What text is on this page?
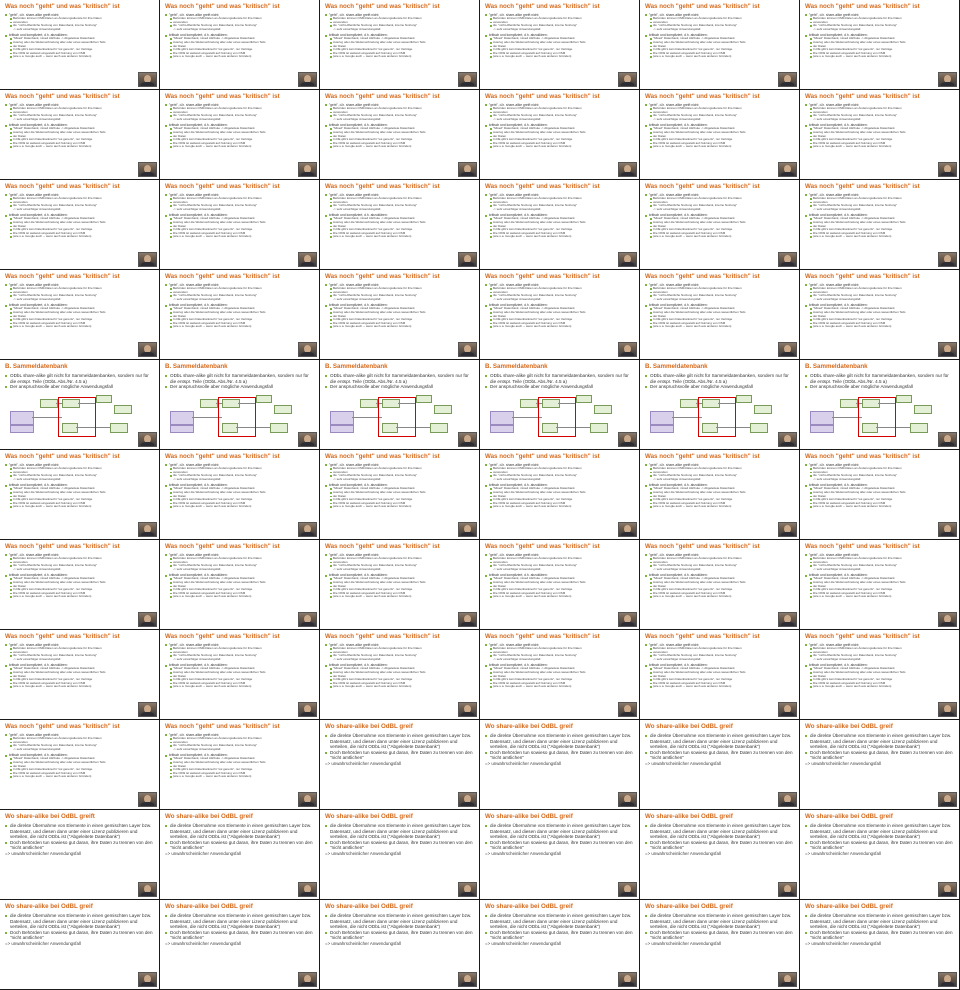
Was noch "geht" und was "kritisch" ist
"geht", d.h. share-alike greift nicht:
Behörden können OSM-Daten an Änderungsdienste für ihre Daten
verwenden
tlw. "nicht-öffentliche Nutzung von Datenbank, interne Nutzung"
-> sehr einsichtiger Anwendungsfall
kritisch und kompliziert, d.h. abzuklären:
"Mixed" Datenbank, mixed Attribute -> Abgeleitete Datenbank
Auszug oder die Weiterverbreitung aller oder eines wesentlichen Teils
der Daten
In DE gibt's kein Datenbankrecht "sui generis", nur Verträge
Die ODbl ist weltweit eingestellt auf Nutzung von OSM
(wie u.a. Google auch -- wenn auch aus anderen Gründen)
Was noch "geht" und was "kritisch" ist
"geht", d.h. share-alike greift nicht:
Behörden können OSM-Daten an Änderungsdienste für ihre Daten
verwenden
tlw. "nicht-öffentliche Nutzung von Datenbank, interne Nutzung"
-> sehr einsichtiger Anwendungsfall
kritisch und kompliziert, d.h. abzuklären:
"Mixed" Datenbank, mixed Attribute -> Abgeleitete Datenbank
Auszug oder die Weiterverbreitung aller oder eines wesentlichen Teils
der Daten
In DE gibt's kein Datenbankrecht "sui generis", nur Verträge
Die ODbl ist weltweit eingestellt auf Nutzung von OSM
(wie u.a. Google auch -- wenn auch aus anderen Gründen)
Was noch "geht" und was "kritisch" ist
"geht", d.h. share-alike greift nicht:
Behörden können OSM-Daten an Änderungsdienste für ihre Daten
verwenden
tlw. "nicht-öffentliche Nutzung von Datenbank, interne Nutzung"
-> sehr einsichtiger Anwendungsfall
kritisch und kompliziert, d.h. abzuklären:
"Mixed" Datenbank, mixed Attribute -> Abgeleitete Datenbank
Auszug oder die Weiterverbreitung aller oder eines wesentlichen Teils
der Daten
In DE gibt's kein Datenbankrecht "sui generis", nur Verträge
Die ODbl ist weltweit eingestellt auf Nutzung von OSM
(wie u.a. Google auch -- wenn auch aus anderen Gründen)
Was noch "geht" und was "kritisch" ist
"geht", d.h. share-alike greift nicht:
Behörden können OSM-Daten an Änderungsdienste für ihre Daten
verwenden
tlw. "nicht-öffentliche Nutzung von Datenbank, interne Nutzung"
-> sehr einsichtiger Anwendungsfall
kritisch und kompliziert, d.h. abzuklären:
"Mixed" Datenbank, mixed Attribute -> Abgeleitete Datenbank
Auszug oder die Weiterverbreitung aller oder eines wesentlichen Teils
der Daten
In DE gibt's kein Datenbankrecht "sui generis", nur Verträge
Die ODbl ist weltweit eingestellt auf Nutzung von OSM
(wie u.a. Google auch -- wenn auch aus anderen Gründen)
Was noch "geht" und was "kritisch" ist
"geht", d.h. share-alike greift nicht:
Behörden können OSM-Daten an Änderungsdienste für ihre Daten
verwenden
tlw. "nicht-öffentliche Nutzung von Datenbank, interne Nutzung"
-> sehr einsichtiger Anwendungsfall
kritisch und kompliziert, d.h. abzuklären:
"Mixed" Datenbank, mixed Attribute -> Abgeleitete Datenbank
Auszug oder die Weiterverbreitung aller oder eines wesentlichen Teils
der Daten
In DE gibt's kein Datenbankrecht "sui generis", nur Verträge
Die ODbl ist weltweit eingestellt auf Nutzung von OSM
(wie u.a. Google auch -- wenn auch aus anderen Gründen)
Was noch "geht" und was "kritisch" ist
"geht", d.h. share-alike greift nicht:
Behörden können OSM-Daten an Änderungsdienste für ihre Daten
verwenden
tlw. "nicht-öffentliche Nutzung von Datenbank, interne Nutzung"
-> sehr einsichtiger Anwendungsfall
kritisch und kompliziert, d.h. abzuklären:
"Mixed" Datenbank, mixed Attribute -> Abgeleitete Datenbank
Auszug oder die Weiterverbreitung aller oder eines wesentlichen Teils
der Daten
In DE gibt's kein Datenbankrecht "sui generis", nur Verträge
Die ODbl ist weltweit eingestellt auf Nutzung von OSM
(wie u.a. Google auch -- wenn auch aus anderen Gründen)
Was noch "geht" und was "kritisch" ist
"geht", d.h. share-alike greift nicht:
Behörden können OSM-Daten an Änderungsdienste für ihre Daten
verwenden
tlw. "nicht-öffentliche Nutzung von Datenbank, interne Nutzung"
-> sehr einsichtiger Anwendungsfall
kritisch und kompliziert, d.h. abzuklären:
"Mixed" Datenbank, mixed Attribute -> Abgeleitete Datenbank
Auszug oder die Weiterverbreitung aller oder eines wesentlichen Teils
der Daten
In DE gibt's kein Datenbankrecht "sui generis", nur Verträge
Die ODbl ist weltweit eingestellt auf Nutzung von OSM
(wie u.a. Google auch -- wenn auch aus anderen Gründen)
Was noch "geht" und was "kritisch" ist
"geht", d.h. share-alike greift nicht:
Behörden können OSM-Daten an Änderungsdienste für ihre Daten
verwenden
tlw. "nicht-öffentliche Nutzung von Datenbank, interne Nutzung"
-> sehr einsichtiger Anwendungsfall
kritisch und kompliziert, d.h. abzuklären:
"Mixed" Datenbank, mixed Attribute -> Abgeleitete Datenbank
Auszug oder die Weiterverbreitung aller oder eines wesentlichen Teils
der Daten
In DE gibt's kein Datenbankrecht "sui generis", nur Verträge
Die ODbl ist weltweit eingestellt auf Nutzung von OSM
(wie u.a. Google auch -- wenn auch aus anderen Gründen)
Was noch "geht" und was "kritisch" ist
"geht", d.h. share-alike greift nicht:
Behörden können OSM-Daten an Änderungsdienste für ihre Daten
verwenden
tlw. "nicht-öffentliche Nutzung von Datenbank, interne Nutzung"
-> sehr einsichtiger Anwendungsfall
kritisch und kompliziert, d.h. abzuklären:
"Mixed" Datenbank, mixed Attribute -> Abgeleitete Datenbank
Auszug oder die Weiterverbreitung aller oder eines wesentlichen Teils
der Daten
In DE gibt's kein Datenbankrecht "sui generis", nur Verträge
Die ODbl ist weltweit eingestellt auf Nutzung von OSM
(wie u.a. Google auch -- wenn auch aus anderen Gründen)
Was noch "geht" und was "kritisch" ist
"geht", d.h. share-alike greift nicht:
Behörden können OSM-Daten an Änderungsdienste für ihre Daten
verwenden
tlw. "nicht-öffentliche Nutzung von Datenbank, interne Nutzung"
-> sehr einsichtiger Anwendungsfall
kritisch und kompliziert, d.h. abzuklären:
"Mixed" Datenbank, mixed Attribute -> Abgeleitete Datenbank
Auszug oder die Weiterverbreitung aller oder eines wesentlichen Teils
der Daten
In DE gibt's kein Datenbankrecht "sui generis", nur Verträge
Die ODbl ist weltweit eingestellt auf Nutzung von OSM
(wie u.a. Google auch -- wenn auch aus anderen Gründen)
Was noch "geht" und was "kritisch" ist
"geht", d.h. share-alike greift nicht:
Behörden können OSM-Daten an Änderungsdienste für ihre Daten
verwenden
tlw. "nicht-öffentliche Nutzung von Datenbank, interne Nutzung"
-> sehr einsichtiger Anwendungsfall
kritisch und kompliziert, d.h. abzuklären:
"Mixed" Datenbank, mixed Attribute -> Abgeleitete Datenbank
Auszug oder die Weiterverbreitung aller oder eines wesentlichen Teils
der Daten
In DE gibt's kein Datenbankrecht "sui generis", nur Verträge
Die ODbl ist weltweit eingestellt auf Nutzung von OSM
(wie u.a. Google auch -- wenn auch aus anderen Gründen)
Was noch "geht" und was "kritisch" ist
"geht", d.h. share-alike greift nicht:
Behörden können OSM-Daten an Änderungsdienste für ihre Daten
verwenden
tlw. "nicht-öffentliche Nutzung von Datenbank, interne Nutzung"
-> sehr einsichtiger Anwendungsfall
kritisch und kompliziert, d.h. abzuklären:
"Mixed" Datenbank, mixed Attribute -> Abgeleitete Datenbank
Auszug oder die Weiterverbreitung aller oder eines wesentlichen Teils
der Daten
In DE gibt's kein Datenbankrecht "sui generis", nur Verträge
Die ODbl ist weltweit eingestellt auf Nutzung von OSM
(wie u.a. Google auch -- wenn auch aus anderen Gründen)
Was noch "geht" und was "kritisch" ist
"geht", d.h. share-alike greift nicht:
Behörden können OSM-Daten an Änderungsdienste für ihre Daten
verwenden
tlw. "nicht-öffentliche Nutzung von Datenbank, interne Nutzung"
-> sehr einsichtiger Anwendungsfall
kritisch und kompliziert, d.h. abzuklären:
"Mixed" Datenbank, mixed Attribute -> Abgeleitete Datenbank
Auszug oder die Weiterverbreitung aller oder eines wesentlichen Teils
der Daten
In DE gibt's kein Datenbankrecht "sui generis", nur Verträge
Die ODbl ist weltweit eingestellt auf Nutzung von OSM
(wie u.a. Google auch -- wenn auch aus anderen Gründen)
Was noch "geht" und was "kritisch" ist
"geht", d.h. share-alike greift nicht:
Behörden können OSM-Daten an Änderungsdienste für ihre Daten
verwenden
tlw. "nicht-öffentliche Nutzung von Datenbank, interne Nutzung"
-> sehr einsichtiger Anwendungsfall
kritisch und kompliziert, d.h. abzuklären:
"Mixed" Datenbank, mixed Attribute -> Abgeleitete Datenbank
Auszug oder die Weiterverbreitung aller oder eines wesentlichen Teils
der Daten
In DE gibt's kein Datenbankrecht "sui generis", nur Verträge
Die ODbl ist weltweit eingestellt auf Nutzung von OSM
(wie u.a. Google auch -- wenn auch aus anderen Gründen)
Was noch "geht" und was "kritisch" ist
"geht", d.h. share-alike greift nicht:
Behörden können OSM-Daten an Änderungsdienste für ihre Daten
verwenden
tlw. "nicht-öffentliche Nutzung von Datenbank, interne Nutzung"
-> sehr einsichtiger Anwendungsfall
kritisch und kompliziert, d.h. abzuklären:
"Mixed" Datenbank, mixed Attribute -> Abgeleitete Datenbank
Auszug oder die Weiterverbreitung aller oder eines wesentlichen Teils
der Daten
In DE gibt's kein Datenbankrecht "sui generis", nur Verträge
Die ODbl ist weltweit eingestellt auf Nutzung von OSM
(wie u.a. Google auch -- wenn auch aus anderen Gründen)
Was noch "geht" und was "kritisch" ist
"geht", d.h. share-alike greift nicht:
Behörden können OSM-Daten an Änderungsdienste für ihre Daten
verwenden
tlw. "nicht-öffentliche Nutzung von Datenbank, interne Nutzung"
-> sehr einsichtiger Anwendungsfall
kritisch und kompliziert, d.h. abzuklären:
"Mixed" Datenbank, mixed Attribute -> Abgeleitete Datenbank
Auszug oder die Weiterverbreitung aller oder eines wesentlichen Teils
der Daten
In DE gibt's kein Datenbankrecht "sui generis", nur Verträge
Die ODbl ist weltweit eingestellt auf Nutzung von OSM
(wie u.a. Google auch -- wenn auch aus anderen Gründen)
Was noch "geht" und was "kritisch" ist
"geht", d.h. share-alike greift nicht:
Behörden können OSM-Daten an Änderungsdienste für ihre Daten
verwenden
tlw. "nicht-öffentliche Nutzung von Datenbank, interne Nutzung"
-> sehr einsichtiger Anwendungsfall
kritisch und kompliziert, d.h. abzuklären:
"Mixed" Datenbank, mixed Attribute -> Abgeleitete Datenbank
Auszug oder die Weiterverbreitung aller oder eines wesentlichen Teils
der Daten
In DE gibt's kein Datenbankrecht "sui generis", nur Verträge
Die ODbl ist weltweit eingestellt auf Nutzung von OSM
(wie u.a. Google auch -- wenn auch aus anderen Gründen)
Was noch "geht" und was "kritisch" ist
"geht", d.h. share-alike greift nicht:
Behörden können OSM-Daten an Änderungsdienste für ihre Daten
verwenden
tlw. "nicht-öffentliche Nutzung von Datenbank, interne Nutzung"
-> sehr einsichtiger Anwendungsfall
kritisch und kompliziert, d.h. abzuklären:
"Mixed" Datenbank, mixed Attribute -> Abgeleitete Datenbank
Auszug oder die Weiterverbreitung aller oder eines wesentlichen Teils
der Daten
In DE gibt's kein Datenbankrecht "sui generis", nur Verträge
Die ODbl ist weltweit eingestellt auf Nutzung von OSM
(wie u.a. Google auch -- wenn auch aus anderen Gründen)
Was noch "geht" und was "kritisch" ist
"geht", d.h. share-alike greift nicht:
Behörden können OSM-Daten an Änderungsdienste für ihre Daten
verwenden
tlw. "nicht-öffentliche Nutzung von Datenbank, interne Nutzung"
-> sehr einsichtiger Anwendungsfall
kritisch und kompliziert, d.h. abzuklären:
"Mixed" Datenbank, mixed Attribute -> Abgeleitete Datenbank
Auszug oder die Weiterverbreitung aller oder eines wesentlichen Teils
der Daten
In DE gibt's kein Datenbankrecht "sui generis", nur Verträge
Die ODbl ist weltweit eingestellt auf Nutzung von OSM
(wie u.a. Google auch -- wenn auch aus anderen Gründen)
Was noch "geht" und was "kritisch" ist
"geht", d.h. share-alike greift nicht:
Behörden können OSM-Daten an Änderungsdienste für ihre Daten
verwenden
tlw. "nicht-öffentliche Nutzung von Datenbank, interne Nutzung"
-> sehr einsichtiger Anwendungsfall
kritisch und kompliziert, d.h. abzuklären:
"Mixed" Datenbank, mixed Attribute -> Abgeleitete Datenbank
Auszug oder die Weiterverbreitung aller oder eines wesentlichen Teils
der Daten
In DE gibt's kein Datenbankrecht "sui generis", nur Verträge
Die ODbl ist weltweit eingestellt auf Nutzung von OSM
(wie u.a. Google auch -- wenn auch aus anderen Gründen)
Was noch "geht" und was "kritisch" ist
"geht", d.h. share-alike greift nicht:
Behörden können OSM-Daten an Änderungsdienste für ihre Daten
verwenden
tlw. "nicht-öffentliche Nutzung von Datenbank, interne Nutzung"
-> sehr einsichtiger Anwendungsfall
kritisch und kompliziert, d.h. abzuklären:
"Mixed" Datenbank, mixed Attribute -> Abgeleitete Datenbank
Auszug oder die Weiterverbreitung aller oder eines wesentlichen Teils
der Daten
In DE gibt's kein Datenbankrecht "sui generis", nur Verträge
Die ODbl ist weltweit eingestellt auf Nutzung von OSM
(wie u.a. Google auch -- wenn auch aus anderen Gründen)
Was noch "geht" und was "kritisch" ist
"geht", d.h. share-alike greift nicht:
Behörden können OSM-Daten an Änderungsdienste für ihre Daten
verwenden
tlw. "nicht-öffentliche Nutzung von Datenbank, interne Nutzung"
-> sehr einsichtiger Anwendungsfall
kritisch und kompliziert, d.h. abzuklären:
"Mixed" Datenbank, mixed Attribute -> Abgeleitete Datenbank
Auszug oder die Weiterverbreitung aller oder eines wesentlichen Teils
der Daten
In DE gibt's kein Datenbankrecht "sui generis", nur Verträge
Die ODbl ist weltweit eingestellt auf Nutzung von OSM
(wie u.a. Google auch -- wenn auch aus anderen Gründen)
Was noch "geht" und was "kritisch" ist
"geht", d.h. share-alike greift nicht:
Behörden können OSM-Daten an Änderungsdienste für ihre Daten
verwenden
tlw. "nicht-öffentliche Nutzung von Datenbank, interne Nutzung"
-> sehr einsichtiger Anwendungsfall
kritisch und kompliziert, d.h. abzuklären:
"Mixed" Datenbank, mixed Attribute -> Abgeleitete Datenbank
Auszug oder die Weiterverbreitung aller oder eines wesentlichen Teils
der Daten
In DE gibt's kein Datenbankrecht "sui generis", nur Verträge
Die ODbl ist weltweit eingestellt auf Nutzung von OSM
(wie u.a. Google auch -- wenn auch aus anderen Gründen)
Was noch "geht" und was "kritisch" ist
"geht", d.h. share-alike greift nicht:
Behörden können OSM-Daten an Änderungsdienste für ihre Daten
verwenden
tlw. "nicht-öffentliche Nutzung von Datenbank, interne Nutzung"
-> sehr einsichtiger Anwendungsfall
kritisch und kompliziert, d.h. abzuklären:
"Mixed" Datenbank, mixed Attribute -> Abgeleitete Datenbank
Auszug oder die Weiterverbreitung aller oder eines wesentlichen Teils
der Daten
In DE gibt's kein Datenbankrecht "sui generis", nur Verträge
Die ODbl ist weltweit eingestellt auf Nutzung von OSM
(wie u.a. Google auch -- wenn auch aus anderen Gründen)
B. Sammeldatenbank
ODbL share-alike gilt nicht für Sammeldatenbanken, sondern nur für die entspr. Teile (ODbL Abs./Nr. 4.5 a)
Der anspruchsvolle aber mögliche Anwendungsfall
B. Sammeldatenbank
ODbL share-alike gilt nicht für Sammeldatenbanken, sondern nur für die entspr. Teile (ODbL Abs./Nr. 4.5 a)
Der anspruchsvolle aber mögliche Anwendungsfall
B. Sammeldatenbank
ODbL share-alike gilt nicht für Sammeldatenbanken, sondern nur für die entspr. Teile (ODbL Abs./Nr. 4.5 a)
Der anspruchsvolle aber mögliche Anwendungsfall
B. Sammeldatenbank
ODbL share-alike gilt nicht für Sammeldatenbanken, sondern nur für die entspr. Teile (ODbL Abs./Nr. 4.5 a)
Der anspruchsvolle aber mögliche Anwendungsfall
B. Sammeldatenbank
ODbL share-alike gilt nicht für Sammeldatenbanken, sondern nur für die entspr. Teile (ODbL Abs./Nr. 4.5 a)
Der anspruchsvolle aber mögliche Anwendungsfall
B. Sammeldatenbank
ODbL share-alike gilt nicht für Sammeldatenbanken, sondern nur für die entspr. Teile (ODbL Abs./Nr. 4.5 a)
Der anspruchsvolle aber mögliche Anwendungsfall
Was noch "geht" und was "kritisch" ist
"geht", d.h. share-alike greift nicht:
Behörden können OSM-Daten an Änderungsdienste für ihre Daten
verwenden
tlw. "nicht-öffentliche Nutzung von Datenbank, interne Nutzung"
-> sehr einsichtiger Anwendungsfall
kritisch und kompliziert, d.h. abzuklären:
"Mixed" Datenbank, mixed Attribute -> Abgeleitete Datenbank
Auszug oder die Weiterverbreitung aller oder eines wesentlichen Teils
der Daten
In DE gibt's kein Datenbankrecht "sui generis", nur Verträge
Die ODbl ist weltweit eingestellt auf Nutzung von OSM
(wie u.a. Google auch -- wenn auch aus anderen Gründen)
Was noch "geht" und was "kritisch" ist
"geht", d.h. share-alike greift nicht:
Behörden können OSM-Daten an Änderungsdienste für ihre Daten
verwenden
tlw. "nicht-öffentliche Nutzung von Datenbank, interne Nutzung"
-> sehr einsichtiger Anwendungsfall
kritisch und kompliziert, d.h. abzuklären:
"Mixed" Datenbank, mixed Attribute -> Abgeleitete Datenbank
Auszug oder die Weiterverbreitung aller oder eines wesentlichen Teils
der Daten
In DE gibt's kein Datenbankrecht "sui generis", nur Verträge
Die ODbl ist weltweit eingestellt auf Nutzung von OSM
(wie u.a. Google auch -- wenn auch aus anderen Gründen)
Was noch "geht" und was "kritisch" ist
"geht", d.h. share-alike greift nicht:
Behörden können OSM-Daten an Änderungsdienste für ihre Daten
verwenden
tlw. "nicht-öffentliche Nutzung von Datenbank, interne Nutzung"
-> sehr einsichtiger Anwendungsfall
kritisch und kompliziert, d.h. abzuklären:
"Mixed" Datenbank, mixed Attribute -> Abgeleitete Datenbank
Auszug oder die Weiterverbreitung aller oder eines wesentlichen Teils
der Daten
In DE gibt's kein Datenbankrecht "sui generis", nur Verträge
Die ODbl ist weltweit eingestellt auf Nutzung von OSM
(wie u.a. Google auch -- wenn auch aus anderen Gründen)
Was noch "geht" und was "kritisch" ist
"geht", d.h. share-alike greift nicht:
Behörden können OSM-Daten an Änderungsdienste für ihre Daten
verwenden
tlw. "nicht-öffentliche Nutzung von Datenbank, interne Nutzung"
-> sehr einsichtiger Anwendungsfall
kritisch und kompliziert, d.h. abzuklären:
"Mixed" Datenbank, mixed Attribute -> Abgeleitete Datenbank
Auszug oder die Weiterverbreitung aller oder eines wesentlichen Teils
der Daten
In DE gibt's kein Datenbankrecht "sui generis", nur Verträge
Die ODbl ist weltweit eingestellt auf Nutzung von OSM
(wie u.a. Google auch -- wenn auch aus anderen Gründen)
Was noch "geht" und was "kritisch" ist
"geht", d.h. share-alike greift nicht:
Behörden können OSM-Daten an Änderungsdienste für ihre Daten
verwenden
tlw. "nicht-öffentliche Nutzung von Datenbank, interne Nutzung"
-> sehr einsichtiger Anwendungsfall
kritisch und kompliziert, d.h. abzuklären:
"Mixed" Datenbank, mixed Attribute -> Abgeleitete Datenbank
Auszug oder die Weiterverbreitung aller oder eines wesentlichen Teils
der Daten
In DE gibt's kein Datenbankrecht "sui generis", nur Verträge
Die ODbl ist weltweit eingestellt auf Nutzung von OSM
(wie u.a. Google auch -- wenn auch aus anderen Gründen)
Was noch "geht" und was "kritisch" ist
"geht", d.h. share-alike greift nicht:
Behörden können OSM-Daten an Änderungsdienste für ihre Daten
verwenden
tlw. "nicht-öffentliche Nutzung von Datenbank, interne Nutzung"
-> sehr einsichtiger Anwendungsfall
kritisch und kompliziert, d.h. abzuklären:
"Mixed" Datenbank, mixed Attribute -> Abgeleitete Datenbank
Auszug oder die Weiterverbreitung aller oder eines wesentlichen Teils
der Daten
In DE gibt's kein Datenbankrecht "sui generis", nur Verträge
Die ODbl ist weltweit eingestellt auf Nutzung von OSM
(wie u.a. Google auch -- wenn auch aus anderen Gründen)
Was noch "geht" und was "kritisch" ist
"geht", d.h. share-alike greift nicht:
Behörden können OSM-Daten an Änderungsdienste für ihre Daten
verwenden
tlw. "nicht-öffentliche Nutzung von Datenbank, interne Nutzung"
-> sehr einsichtiger Anwendungsfall
kritisch und kompliziert, d.h. abzuklären:
"Mixed" Datenbank, mixed Attribute -> Abgeleitete Datenbank
Auszug oder die Weiterverbreitung aller oder eines wesentlichen Teils
der Daten
In DE gibt's kein Datenbankrecht "sui generis", nur Verträge
Die ODbl ist weltweit eingestellt auf Nutzung von OSM
(wie u.a. Google auch -- wenn auch aus anderen Gründen)
Was noch "geht" und was "kritisch" ist
"geht", d.h. share-alike greift nicht:
Behörden können OSM-Daten an Änderungsdienste für ihre Daten
verwenden
tlw. "nicht-öffentliche Nutzung von Datenbank, interne Nutzung"
-> sehr einsichtiger Anwendungsfall
kritisch und kompliziert, d.h. abzuklären:
"Mixed" Datenbank, mixed Attribute -> Abgeleitete Datenbank
Auszug oder die Weiterverbreitung aller oder eines wesentlichen Teils
der Daten
In DE gibt's kein Datenbankrecht "sui generis", nur Verträge
Die ODbl ist weltweit eingestellt auf Nutzung von OSM
(wie u.a. Google auch -- wenn auch aus anderen Gründen)
Was noch "geht" und was "kritisch" ist
"geht", d.h. share-alike greift nicht:
Behörden können OSM-Daten an Änderungsdienste für ihre Daten
verwenden
tlw. "nicht-öffentliche Nutzung von Datenbank, interne Nutzung"
-> sehr einsichtiger Anwendungsfall
kritisch und kompliziert, d.h. abzuklären:
"Mixed" Datenbank, mixed Attribute -> Abgeleitete Datenbank
Auszug oder die Weiterverbreitung aller oder eines wesentlichen Teils
der Daten
In DE gibt's kein Datenbankrecht "sui generis", nur Verträge
Die ODbl ist weltweit eingestellt auf Nutzung von OSM
(wie u.a. Google auch -- wenn auch aus anderen Gründen)
Was noch "geht" und was "kritisch" ist
"geht", d.h. share-alike greift nicht:
Behörden können OSM-Daten an Änderungsdienste für ihre Daten
verwenden
tlw. "nicht-öffentliche Nutzung von Datenbank, interne Nutzung"
-> sehr einsichtiger Anwendungsfall
kritisch und kompliziert, d.h. abzuklären:
"Mixed" Datenbank, mixed Attribute -> Abgeleitete Datenbank
Auszug oder die Weiterverbreitung aller oder eines wesentlichen Teils
der Daten
In DE gibt's kein Datenbankrecht "sui generis", nur Verträge
Die ODbl ist weltweit eingestellt auf Nutzung von OSM
(wie u.a. Google auch -- wenn auch aus anderen Gründen)
Was noch "geht" und was "kritisch" ist
"geht", d.h. share-alike greift nicht:
Behörden können OSM-Daten an Änderungsdienste für ihre Daten
verwenden
tlw. "nicht-öffentliche Nutzung von Datenbank, interne Nutzung"
-> sehr einsichtiger Anwendungsfall
kritisch und kompliziert, d.h. abzuklären:
"Mixed" Datenbank, mixed Attribute -> Abgeleitete Datenbank
Auszug oder die Weiterverbreitung aller oder eines wesentlichen Teils
der Daten
In DE gibt's kein Datenbankrecht "sui generis", nur Verträge
Die ODbl ist weltweit eingestellt auf Nutzung von OSM
(wie u.a. Google auch -- wenn auch aus anderen Gründen)
Was noch "geht" und was "kritisch" ist
"geht", d.h. share-alike greift nicht:
Behörden können OSM-Daten an Änderungsdienste für ihre Daten
verwenden
tlw. "nicht-öffentliche Nutzung von Datenbank, interne Nutzung"
-> sehr einsichtiger Anwendungsfall
kritisch und kompliziert, d.h. abzuklären:
"Mixed" Datenbank, mixed Attribute -> Abgeleitete Datenbank
Auszug oder die Weiterverbreitung aller oder eines wesentlichen Teils
der Daten
In DE gibt's kein Datenbankrecht "sui generis", nur Verträge
Die ODbl ist weltweit eingestellt auf Nutzung von OSM
(wie u.a. Google auch -- wenn auch aus anderen Gründen)
Was noch "geht" und was "kritisch" ist
"geht", d.h. share-alike greift nicht:
Behörden können OSM-Daten an Änderungsdienste für ihre Daten
verwenden
tlw. "nicht-öffentliche Nutzung von Datenbank, interne Nutzung"
-> sehr einsichtiger Anwendungsfall
kritisch und kompliziert, d.h. abzuklären:
"Mixed" Datenbank, mixed Attribute -> Abgeleitete Datenbank
Auszug oder die Weiterverbreitung aller oder eines wesentlichen Teils
der Daten
In DE gibt's kein Datenbankrecht "sui generis", nur Verträge
Die ODbl ist weltweit eingestellt auf Nutzung von OSM
(wie u.a. Google auch -- wenn auch aus anderen Gründen)
Was noch "geht" und was "kritisch" ist
"geht", d.h. share-alike greift nicht:
Behörden können OSM-Daten an Änderungsdienste für ihre Daten
verwenden
tlw. "nicht-öffentliche Nutzung von Datenbank, interne Nutzung"
-> sehr einsichtiger Anwendungsfall
kritisch und kompliziert, d.h. abzuklären:
"Mixed" Datenbank, mixed Attribute -> Abgeleitete Datenbank
Auszug oder die Weiterverbreitung aller oder eines wesentlichen Teils
der Daten
In DE gibt's kein Datenbankrecht "sui generis", nur Verträge
Die ODbl ist weltweit eingestellt auf Nutzung von OSM
(wie u.a. Google auch -- wenn auch aus anderen Gründen)
Was noch "geht" und was "kritisch" ist
"geht", d.h. share-alike greift nicht:
Behörden können OSM-Daten an Änderungsdienste für ihre Daten
verwenden
tlw. "nicht-öffentliche Nutzung von Datenbank, interne Nutzung"
-> sehr einsichtiger Anwendungsfall
kritisch und kompliziert, d.h. abzuklären:
"Mixed" Datenbank, mixed Attribute -> Abgeleitete Datenbank
Auszug oder die Weiterverbreitung aller oder eines wesentlichen Teils
der Daten
In DE gibt's kein Datenbankrecht "sui generis", nur Verträge
Die ODbl ist weltweit eingestellt auf Nutzung von OSM
(wie u.a. Google auch -- wenn auch aus anderen Gründen)
Was noch "geht" und was "kritisch" ist
"geht", d.h. share-alike greift nicht:
Behörden können OSM-Daten an Änderungsdienste für ihre Daten
verwenden
tlw. "nicht-öffentliche Nutzung von Datenbank, interne Nutzung"
-> sehr einsichtiger Anwendungsfall
kritisch und kompliziert, d.h. abzuklären:
"Mixed" Datenbank, mixed Attribute -> Abgeleitete Datenbank
Auszug oder die Weiterverbreitung aller oder eines wesentlichen Teils
der Daten
In DE gibt's kein Datenbankrecht "sui generis", nur Verträge
Die ODbl ist weltweit eingestellt auf Nutzung von OSM
(wie u.a. Google auch -- wenn auch aus anderen Gründen)
Was noch "geht" und was "kritisch" ist
"geht", d.h. share-alike greift nicht:
Behörden können OSM-Daten an Änderungsdienste für ihre Daten
verwenden
tlw. "nicht-öffentliche Nutzung von Datenbank, interne Nutzung"
-> sehr einsichtiger Anwendungsfall
kritisch und kompliziert, d.h. abzuklären:
"Mixed" Datenbank, mixed Attribute -> Abgeleitete Datenbank
Auszug oder die Weiterverbreitung aller oder eines wesentlichen Teils
der Daten
In DE gibt's kein Datenbankrecht "sui generis", nur Verträge
Die ODbl ist weltweit eingestellt auf Nutzung von OSM
(wie u.a. Google auch -- wenn auch aus anderen Gründen)
Was noch "geht" und was "kritisch" ist
"geht", d.h. share-alike greift nicht:
Behörden können OSM-Daten an Änderungsdienste für ihre Daten
verwenden
tlw. "nicht-öffentliche Nutzung von Datenbank, interne Nutzung"
-> sehr einsichtiger Anwendungsfall
kritisch und kompliziert, d.h. abzuklären:
"Mixed" Datenbank, mixed Attribute -> Abgeleitete Datenbank
Auszug oder die Weiterverbreitung aller oder eines wesentlichen Teils
der Daten
In DE gibt's kein Datenbankrecht "sui generis", nur Verträge
Die ODbl ist weltweit eingestellt auf Nutzung von OSM
(wie u.a. Google auch -- wenn auch aus anderen Gründen)
Was noch "geht" und was "kritisch" ist
"geht", d.h. share-alike greift nicht:
Behörden können OSM-Daten an Änderungsdienste für ihre Daten
verwenden
tlw. "nicht-öffentliche Nutzung von Datenbank, interne Nutzung"
-> sehr einsichtiger Anwendungsfall
kritisch und kompliziert, d.h. abzuklären:
"Mixed" Datenbank, mixed Attribute -> Abgeleitete Datenbank
Auszug oder die Weiterverbreitung aller oder eines wesentlichen Teils
der Daten
In DE gibt's kein Datenbankrecht "sui generis", nur Verträge
Die ODbl ist weltweit eingestellt auf Nutzung von OSM
(wie u.a. Google auch -- wenn auch aus anderen Gründen)
Was noch "geht" und was "kritisch" ist
"geht", d.h. share-alike greift nicht:
Behörden können OSM-Daten an Änderungsdienste für ihre Daten
verwenden
tlw. "nicht-öffentliche Nutzung von Datenbank, interne Nutzung"
-> sehr einsichtiger Anwendungsfall
kritisch und kompliziert, d.h. abzuklären:
"Mixed" Datenbank, mixed Attribute -> Abgeleitete Datenbank
Auszug oder die Weiterverbreitung aller oder eines wesentlichen Teils
der Daten
In DE gibt's kein Datenbankrecht "sui generis", nur Verträge
Die ODbl ist weltweit eingestellt auf Nutzung von OSM
(wie u.a. Google auch -- wenn auch aus anderen Gründen)
Wo share-alike bei OdBL greif
die direkte Übernahme von Elemente in einen gemischten Layer bzw. Datensatz, und diesen dann unter einer Lizenz publizieren und verteilen, die nicht ODbL ist ("Abgeleitete Datenbank")
Doch Behörden tun sowieso gut daran, ihre Daten zu trennen von den "nicht amtlichen"
=> unwahrscheinlicher Anwendungsfall
Wo share-alike bei OdBL greif
die direkte Übernahme von Elemente in einen gemischten Layer bzw. Datensatz, und diesen dann unter einer Lizenz publizieren und verteilen, die nicht ODbL ist ("Abgeleitete Datenbank")
Doch Behörden tun sowieso gut daran, ihre Daten zu trennen von den "nicht amtlichen"
=> unwahrscheinlicher Anwendungsfall
Wo share-alike bei OdBL greif
die direkte Übernahme von Elemente in einen gemischten Layer bzw. Datensatz, und diesen dann unter einer Lizenz publizieren und verteilen, die nicht ODbL ist ("Abgeleitete Datenbank")
Doch Behörden tun sowieso gut daran, ihre Daten zu trennen von den "nicht amtlichen"
=> unwahrscheinlicher Anwendungsfall
Wo share-alike bei OdBL greif
die direkte Übernahme von Elemente in einen gemischten Layer bzw. Datensatz, und diesen dann unter einer Lizenz publizieren und verteilen, die nicht ODbL ist ("Abgeleitete Datenbank")
Doch Behörden tun sowieso gut daran, ihre Daten zu trennen von den "nicht amtlichen"
=> unwahrscheinlicher Anwendungsfall
Wo share-alike bei OdBL greift
die direkte Übernahme von Elemente in einen gemischten Layer bzw. Datensatz, und diesen dann unter einer Lizenz publizieren und verteilen, die nicht ODbL ist ("Abgeleitete Datenbank")
Doch Behörden tun sowieso gut daran, ihre Daten zu trennen von den "nicht amtlichen"
=> unwahrscheinlicher Anwendungsfall
Wo share-alike bei OdBL greif
die direkte Übernahme von Elemente in einen gemischten Layer bzw. Datensatz, und diesen dann unter einer Lizenz publizieren und verteilen, die nicht ODbL ist ("Abgeleitete Datenbank")
Doch Behörden tun sowieso gut daran, ihre Daten zu trennen von den "nicht amtlichen"
=> unwahrscheinlicher Anwendungsfall
Wo share-alike bei OdBL greif
die direkte Übernahme von Elemente in einen gemischten Layer bzw. Datensatz, und diesen dann unter einer Lizenz publizieren und verteilen, die nicht ODbL ist ("Abgeleitete Datenbank")
Doch Behörden tun sowieso gut daran, ihre Daten zu trennen von den "nicht amtlichen"
=> unwahrscheinlicher Anwendungsfall
Wo share-alike bei OdBL greif
die direkte Übernahme von Elemente in einen gemischten Layer bzw. Datensatz, und diesen dann unter einer Lizenz publizieren und verteilen, die nicht ODbL ist ("Abgeleitete Datenbank")
Doch Behörden tun sowieso gut daran, ihre Daten zu trennen von den "nicht amtlichen"
=> unwahrscheinlicher Anwendungsfall
Wo share-alike bei OdBL greif
die direkte Übernahme von Elemente in einen gemischten Layer bzw. Datensatz, und diesen dann unter einer Lizenz publizieren und verteilen, die nicht ODbL ist ("Abgeleitete Datenbank")
Doch Behörden tun sowieso gut daran, ihre Daten zu trennen von den "nicht amtlichen"
=> unwahrscheinlicher Anwendungsfall
Wo share-alike bei OdBL greif
die direkte Übernahme von Elemente in einen gemischten Layer bzw. Datensatz, und diesen dann unter einer Lizenz publizieren und verteilen, die nicht ODbL ist ("Abgeleitete Datenbank")
Doch Behörden tun sowieso gut daran, ihre Daten zu trennen von den "nicht amtlichen"
=> unwahrscheinlicher Anwendungsfall
Wo share-alike bei OdBL greif
die direkte Übernahme von Elemente in einen gemischten Layer bzw. Datensatz, und diesen dann unter einer Lizenz publizieren und verteilen, die nicht ODbL ist ("Abgeleitete Datenbank")
Doch Behörden tun sowieso gut daran, ihre Daten zu trennen von den "nicht amtlichen"
=> unwahrscheinlicher Anwendungsfall
Wo share-alike bei OdBL greif
die direkte Übernahme von Elemente in einen gemischten Layer bzw. Datensatz, und diesen dann unter einer Lizenz publizieren und verteilen, die nicht ODbL ist ("Abgeleitete Datenbank")
Doch Behörden tun sowieso gut daran, ihre Daten zu trennen von den "nicht amtlichen"
=> unwahrscheinlicher Anwendungsfall
Wo share-alike bei OdBL greif
die direkte Übernahme von Elemente in einen gemischten Layer bzw. Datensatz, und diesen dann unter einer Lizenz publizieren und verteilen, die nicht ODbL ist ("Abgeleitete Datenbank")
Doch Behörden tun sowieso gut daran, ihre Daten zu trennen von den "nicht amtlichen"
=> unwahrscheinlicher Anwendungsfall
Wo share-alike bei OdBL greif
die direkte Übernahme von Elemente in einen gemischten Layer bzw. Datensatz, und diesen dann unter einer Lizenz publizieren und verteilen, die nicht ODbL ist ("Abgeleitete Datenbank")
Doch Behörden tun sowieso gut daran, ihre Daten zu trennen von den "nicht amtlichen"
=> unwahrscheinlicher Anwendungsfall
Wo share-alike bei OdBL greif
die direkte Übernahme von Elemente in einen gemischten Layer bzw. Datensatz, und diesen dann unter einer Lizenz publizieren und verteilen, die nicht ODbL ist ("Abgeleitete Datenbank")
Doch Behörden tun sowieso gut daran, ihre Daten zu trennen von den "nicht amtlichen"
=> unwahrscheinlicher Anwendungsfall
Wo share-alike bei OdBL greif
die direkte Übernahme von Elemente in einen gemischten Layer bzw. Datensatz, und diesen dann unter einer Lizenz publizieren und verteilen, die nicht ODbL ist ("Abgeleitete Datenbank")
Doch Behörden tun sowieso gut daran, ihre Daten zu trennen von den "nicht amtlichen"
=> unwahrscheinlicher Anwendungsfall
